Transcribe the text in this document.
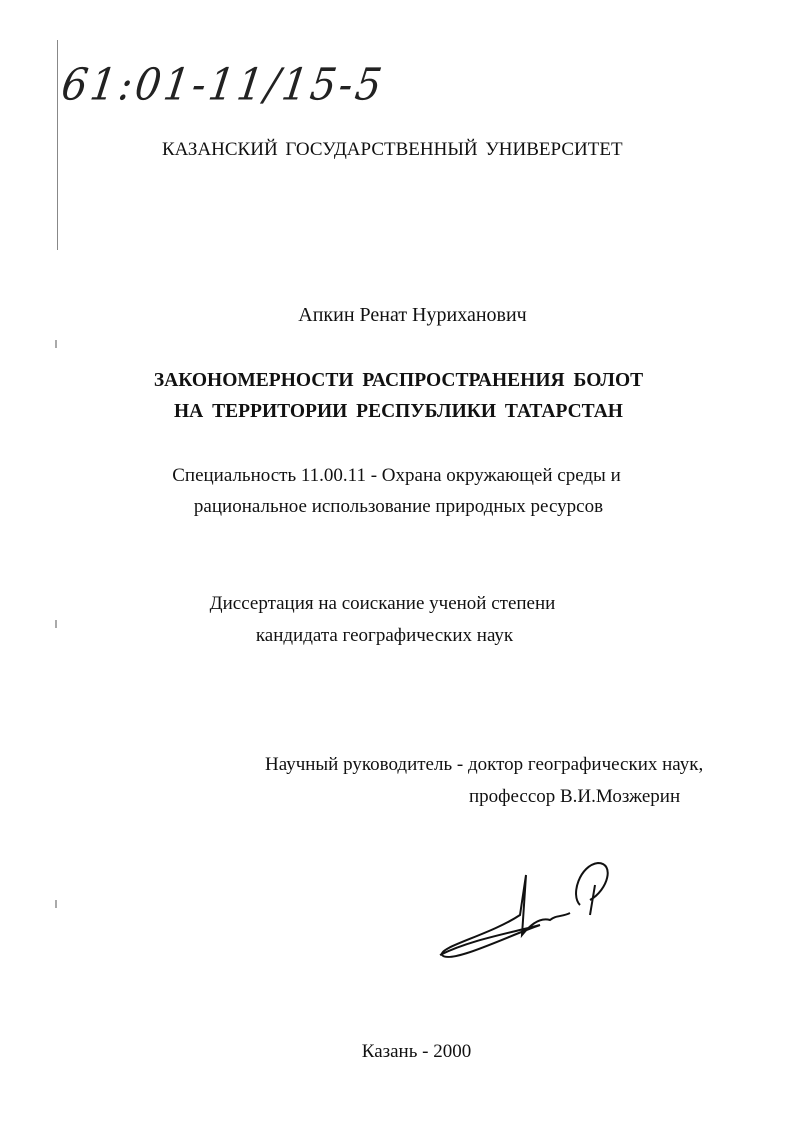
61:01-11/15-5
КАЗАНСКИЙ ГОСУДАРСТВЕННЫЙ УНИВЕРСИТЕТ
Апкин Ренат Нуриханович
ЗАКОНОМЕРНОСТИ РАСПРОСТРАНЕНИЯ БОЛОТ
НА ТЕРРИТОРИИ РЕСПУБЛИКИ ТАТАРСТАН
Специальность 11.00.11 - Охрана окружающей среды и
рациональное использование природных ресурсов
Диссертация на соискание ученой степени
кандидата географических наук
Научный руководитель - доктор географических наук,
профессор В.И.Мозжерин
Казань - 2000
